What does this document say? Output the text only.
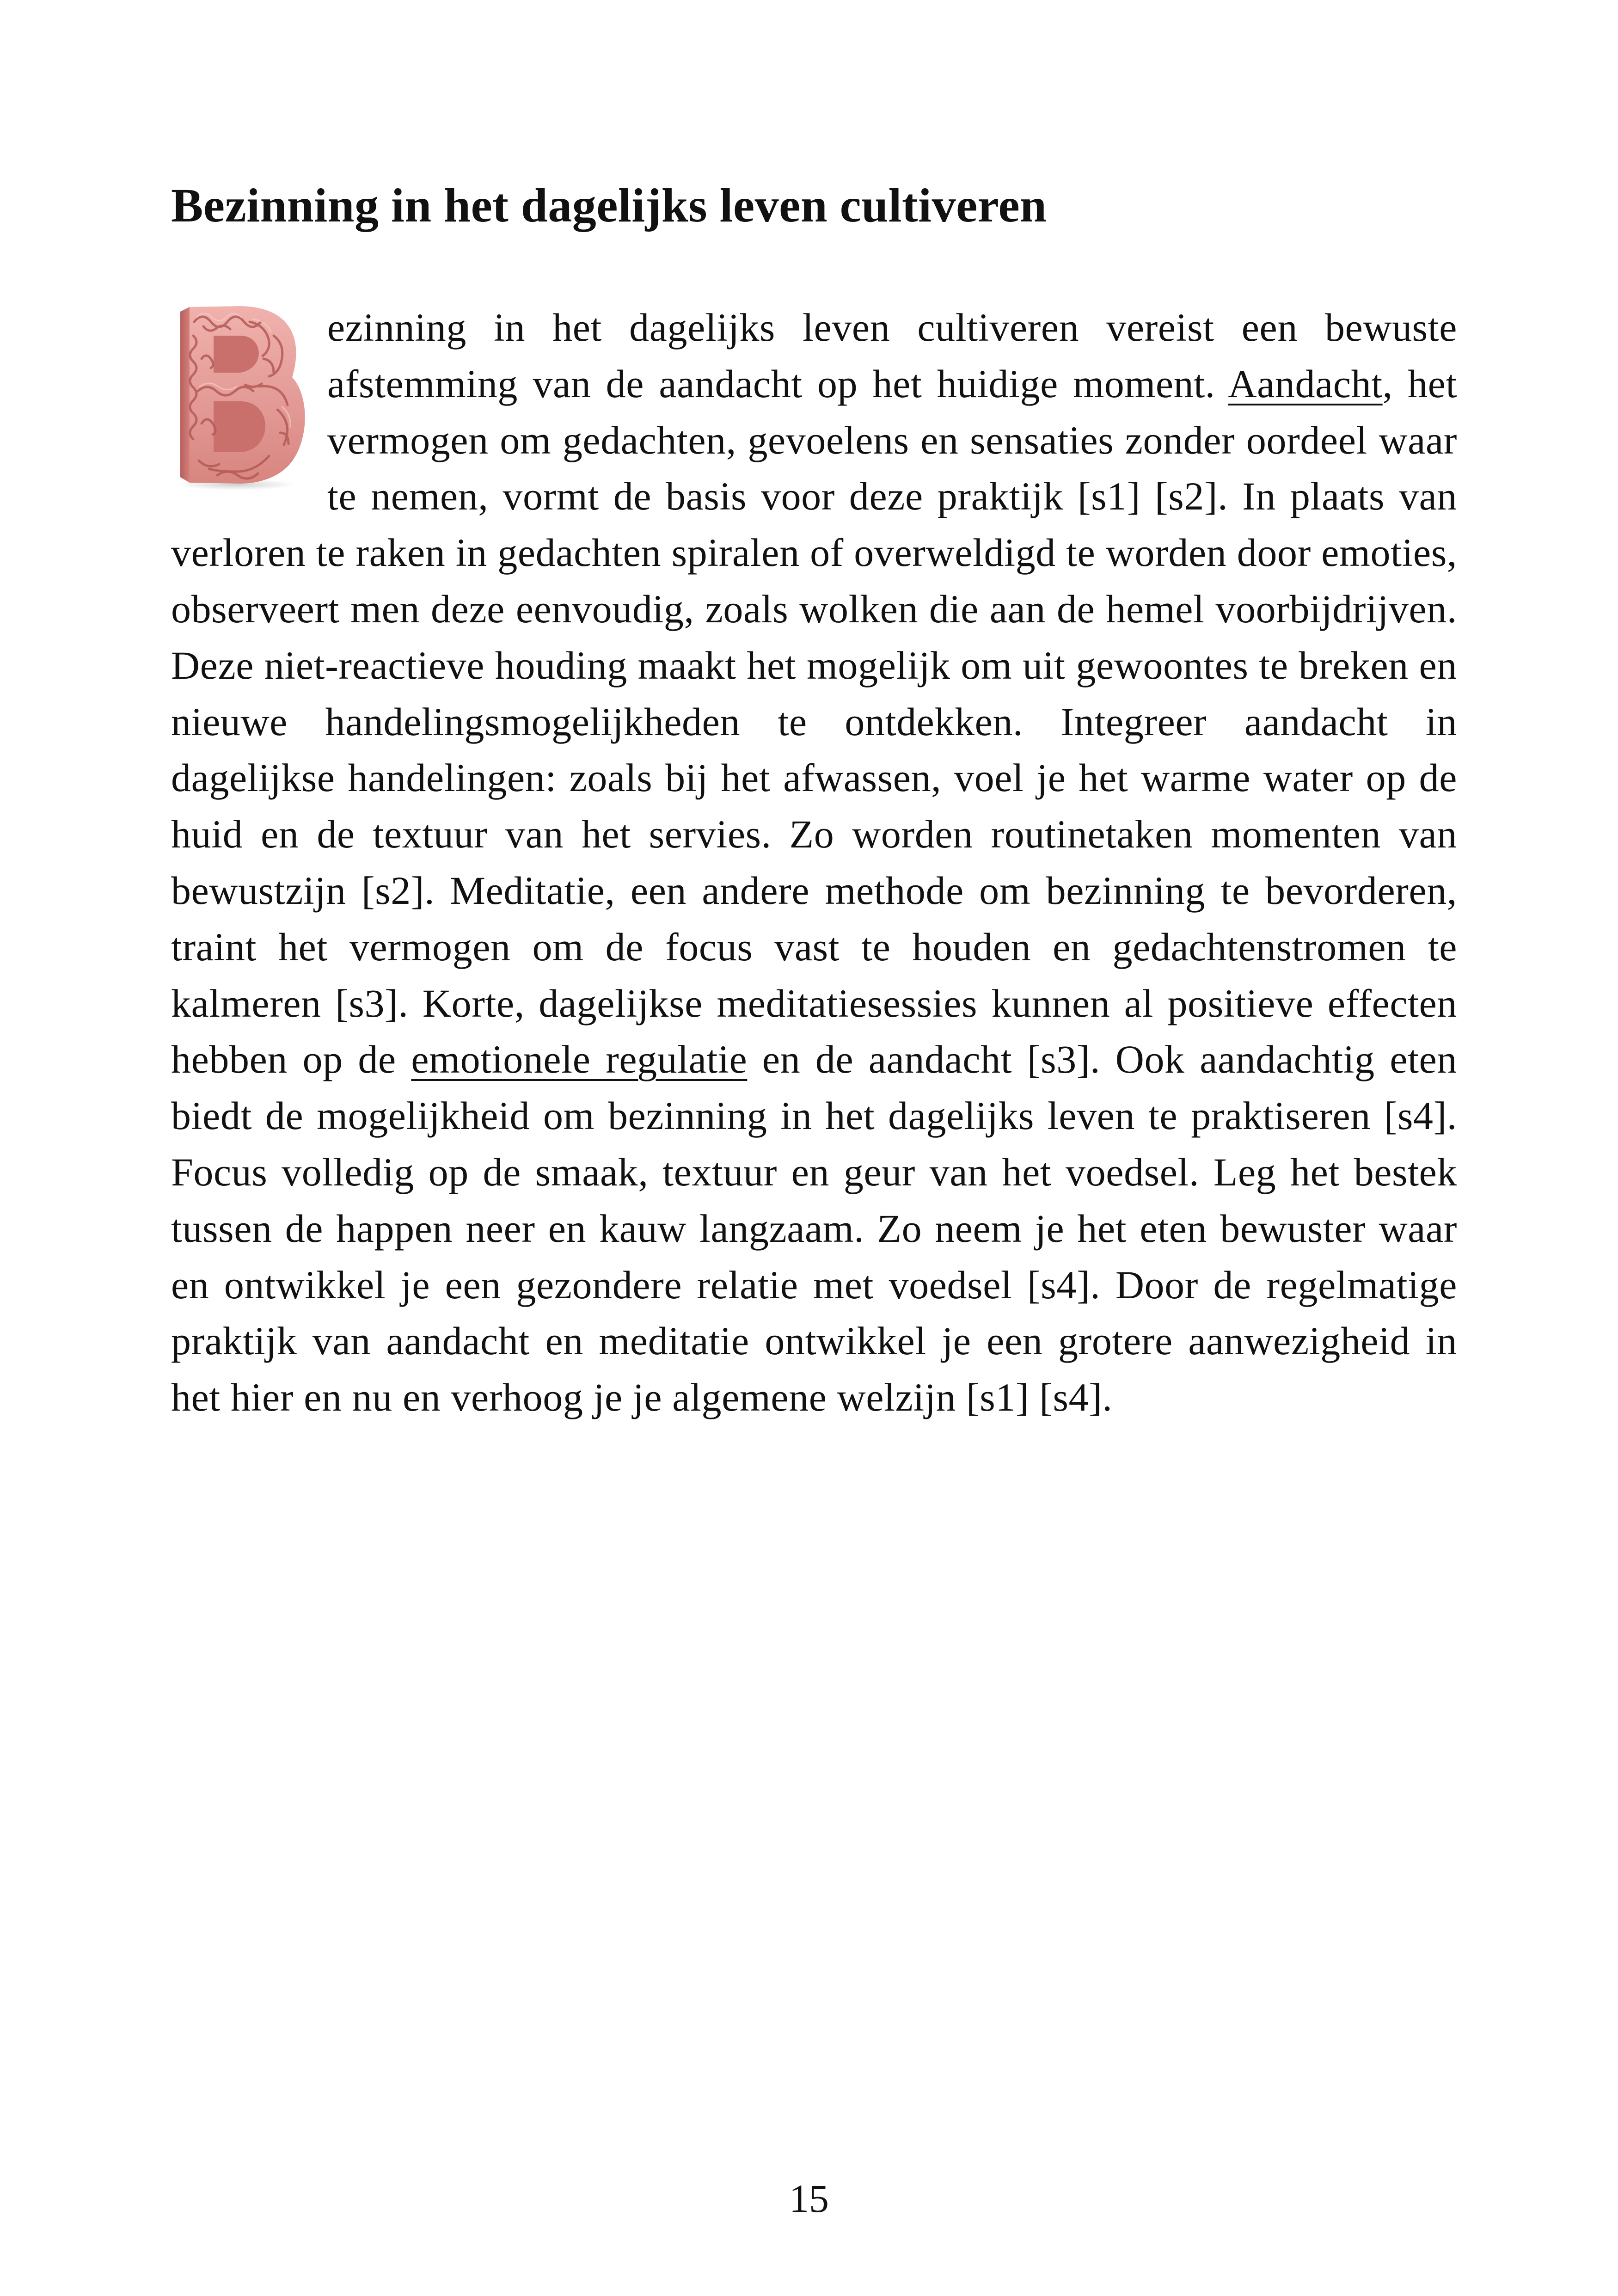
Bezinning in het dagelijks leven cultiveren

ezinning in het dagelijks leven cultiveren vereist een bewuste afstemming van de aandacht op het huidige moment. Aandacht, het vermogen om gedachten, gevoelens en sensaties zonder oordeel waar te nemen, vormt de basis voor deze praktijk [s1] [s2]. In plaats van verloren te raken in gedachten spiralen of overweldigd te worden door emoties, observeert men deze eenvoudig, zoals wolken die aan de hemel voorbijdrijven. Deze niet-reactieve houding maakt het mogelijk om uit gewoontes te breken en nieuwe handelingsmogelijkheden te ontdekken. Integreer aandacht in dagelijkse handelingen: zoals bij het afwassen, voel je het warme water op de huid en de textuur van het servies. Zo worden routinetaken momenten van bewustzijn [s2]. Meditatie, een andere methode om bezinning te bevorderen, traint het vermogen om de focus vast te houden en gedachtenstromen te kalmeren [s3]. Korte, dagelijkse meditatiesessies kunnen al positieve effecten hebben op de emotionele regulatie en de aandacht [s3]. Ook aandachtig eten biedt de mogelijkheid om bezinning in het dagelijks leven te praktiseren [s4]. Focus volledig op de smaak, textuur en geur van het voedsel. Leg het bestek tussen de happen neer en kauw langzaam. Zo neem je het eten bewuster waar en ontwikkel je een gezondere relatie met voedsel [s4]. Door de regelmatige praktijk van aandacht en meditatie ontwikkel je een grotere aanwezigheid in het hier en nu en verhoog je je algemene welzijn [s1] [s4].

15
